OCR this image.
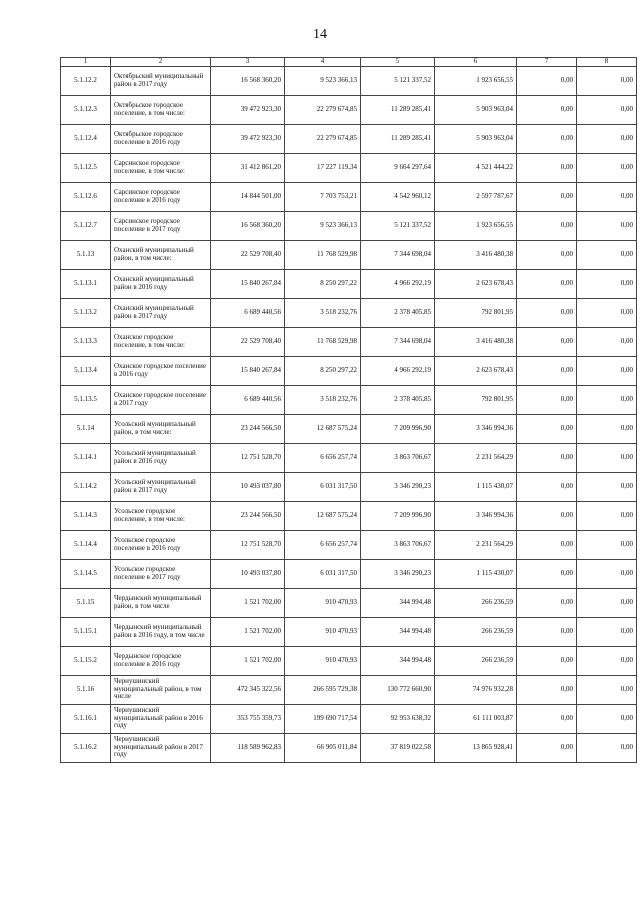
14
1	2	3	4	5	6	7	8
5.1.12.2	Октябрьский муниципальный район в 2017 году	16 568 360,20	9 523 366,13	5 121 337,52	1 923 656,55	0,00	0,00
5.1.12.3	Октябрьское городское поселение, в том числе:	39 472 923,30	22 279 674,85	11 289 285,41	5 903 963,04	0,00	0,00
5.1.12.4	Октябрьское городское поселение в 2016 году	39 472 923,30	22 279 674,85	11 289 285,41	5 903 963,04	0,00	0,00
5.1.12.5	Сарсинское городское поселение, в том числе:	31 412 861,20	17 227 119,34	9 664 297,64	4 521 444,22	0,00	0,00
5.1.12.6	Сарсинское городское поселение в 2016 году	14 844 501,00	7 703 753,21	4 542 960,12	2 597 787,67	0,00	0,00
5.1.12.7	Сарсинское городское поселение в 2017 году	16 568 360,20	9 523 366,13	5 121 337,52	1 923 656,55	0,00	0,00
5.1.13	Оханский муниципальный район, в том числе:	22 529 708,40	11 768 529,98	7 344 698,04	3 416 480,38	0,00	0,00
5.1.13.1	Оханский муниципальный район в 2016 году	15 840 267,84	8 250 297,22	4 966 292,19	2 623 678,43	0,00	0,00
5.1.13.2	Оханский муниципальный район в 2017 году	6 689 440,56	3 518 232,76	2 378 405,85	792 801,95	0,00	0,00
5.1.13.3	Оханское городское поселение, в том числе:	22 529 708,40	11 768 529,98	7 344 698,04	3 416 480,38	0,00	0,00
5.1.13.4	Оханское городское поселение в 2016 году	15 840 267,84	8 250 297,22	4 966 292,19	2 623 678,43	0,00	0,00
5.1.13.5	Оханское городское поселение в 2017 году	6 689 440,56	3 518 232,76	2 378 405,85	792 801,95	0,00	0,00
5.1.14	Усольский муниципальный район, в том числе:	23 244 566,50	12 687 575,24	7 209 996,90	3 346 994,36	0,00	0,00
5.1.14.1	Усольский муниципальный район в 2016 году	12 751 528,70	6 656 257,74	3 863 706,67	2 231 564,29	0,00	0,00
5.1.14.2	Усольский муниципальный район в 2017 году	10 493 037,80	6 031 317,50	3 346 290,23	1 115 430,07	0,00	0,00
5.1.14.3	Усольское городское поселение, в том числе:	23 244 566,50	12 687 575,24	7 209 996,90	3 346 994,36	0,00	0,00
5.1.14.4	Усольское городское поселение в 2016 году	12 751 528,70	6 656 257,74	3 863 706,67	2 231 564,29	0,00	0,00
5.1.14.5	Усольское городское поселение в 2017 году	10 493 037,80	6 031 317,50	3 346 290,23	1 115 430,07	0,00	0,00
5.1.15	Чердынский муниципальный район, в том числе	1 521 702,00	910 470,93	344 994,48	266 236,59	0,00	0,00
5.1.15.1	Чердынский муниципальный район в 2016 году, в том числе	1 521 702,00	910 470,93	344 994,48	266 236,59	0,00	0,00
5.1.15.2	Чердынское городское поселение в 2016 году	1 521 702,00	910 470,93	344 994,48	266 236,59	0,00	0,00
5.1.16	Чернушинский муниципальный район, в том числе	472 345 322,56	266 595 729,38	130 772 660,90	74 976 932,28	0,00	0,00
5.1.16.1	Чернушинский муниципальный район в 2016 году	353 755 359,73	199 690 717,54	92 953 638,32	61 111 003,87	0,00	0,00
5.1.16.2	Чернушинский муниципальный район в 2017 году	118 589 962,83	66 905 011,84	37 819 022,58	13 865 928,41	0,00	0,00
